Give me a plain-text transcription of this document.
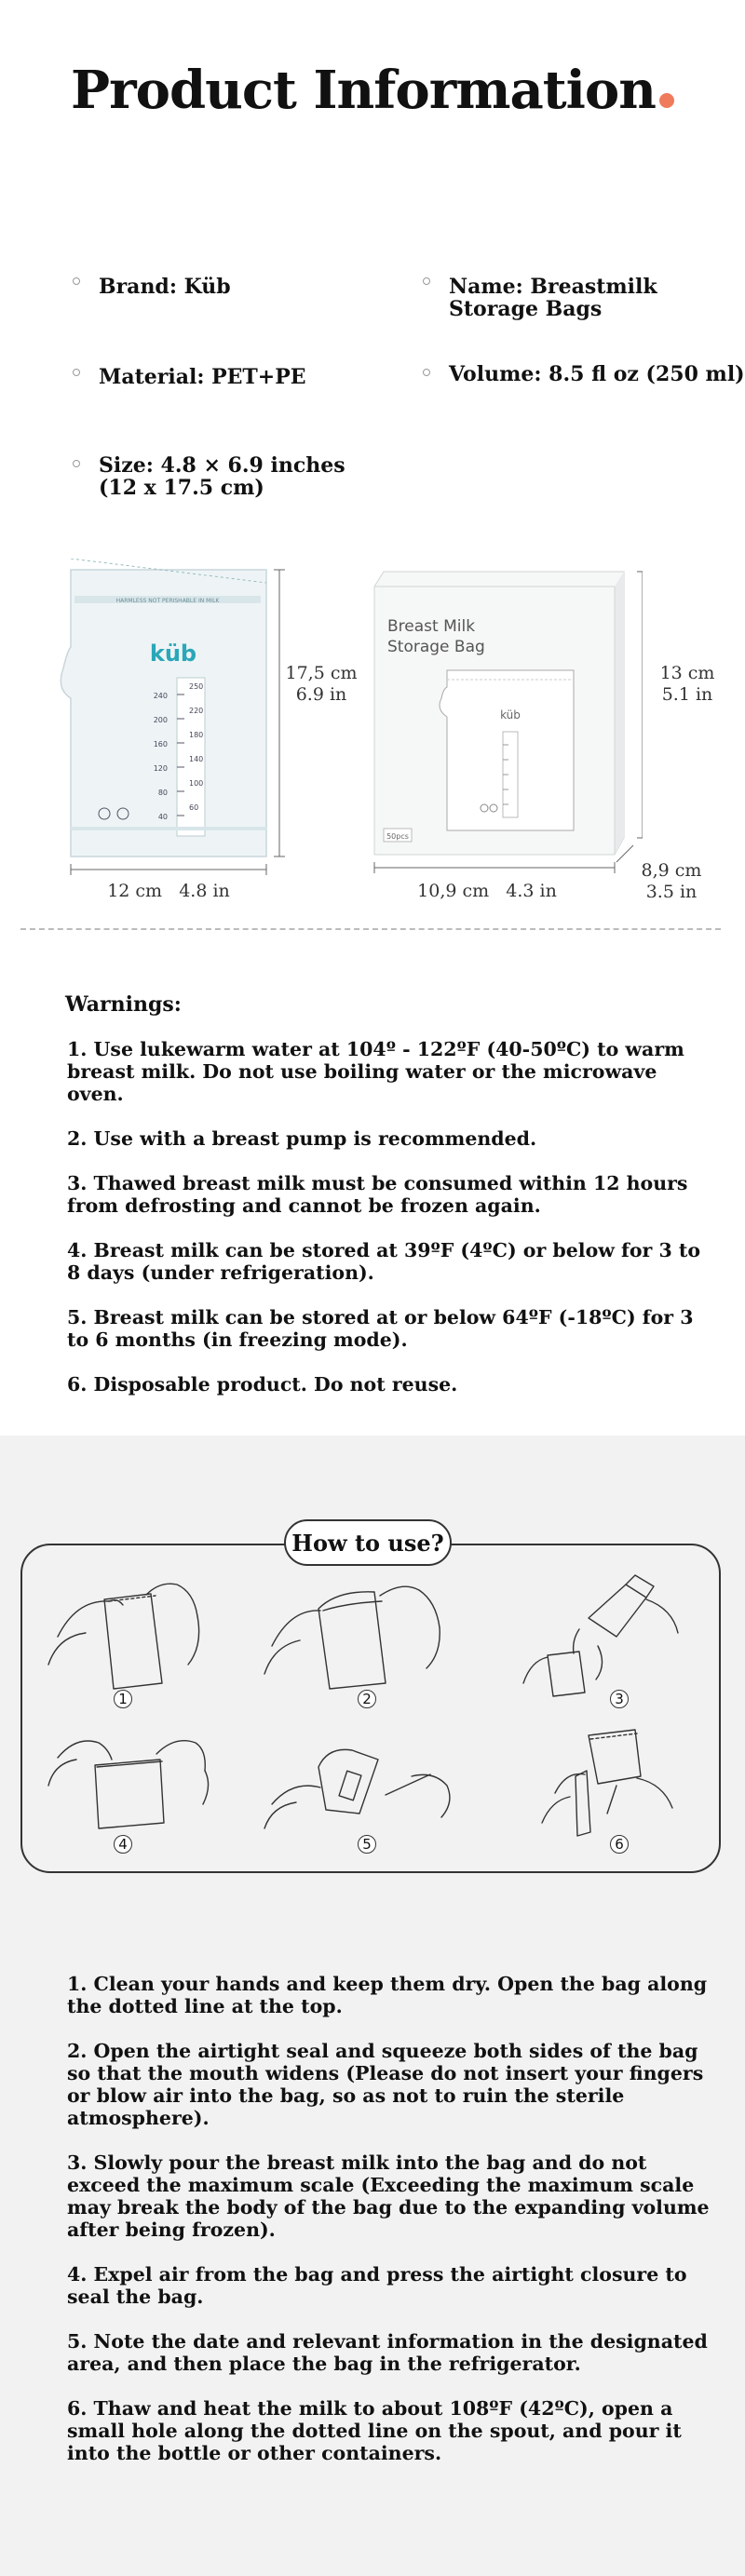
Product Information
Brand: Küb	Name: Breastmilk
Storage Bags
Material: PET+PE	Volume: 8.5 fl oz (250 ml)
Size: 4.8 × 6.9 inches
(12 x 17.5 cm)
HARMLESS NOT PERISHABLE IN MILK
küb
240
200
160
120
80
40
250
220
180
140
100
60
17,5 cm
6.9 in
12 cm 4.8 in
Breast Milk
Storage Bag
küb
50pcs
13 cm
5.1 in
8,9 cm
3.5 in
10,9 cm 4.3 in
Warnings:
1. Use lukewarm water at 104º - 122ºF (40-50ºC) to warm
breast milk. Do not use boiling water or the microwave
oven.
2. Use with a breast pump is recommended.
3. Thawed breast milk must be consumed within 12 hours
from defrosting and cannot be frozen again.
4. Breast milk can be stored at 39ºF (4ºC) or below for 3 to
8 days (under refrigeration).
5. Breast milk can be stored at or below 64ºF (-18ºC) for 3
to 6 months (in freezing mode).
6. Disposable product. Do not reuse.
How to use?
1	2	3
4	5	6
1. Clean your hands and keep them dry. Open the bag along
the dotted line at the top.
2. Open the airtight seal and squeeze both sides of the bag
so that the mouth widens (Please do not insert your fingers
or blow air into the bag, so as not to ruin the sterile
atmosphere).
3. Slowly pour the breast milk into the bag and do not
exceed the maximum scale (Exceeding the maximum scale
may break the body of the bag due to the expanding volume
after being frozen).
4. Expel air from the bag and press the airtight closure to
seal the bag.
5. Note the date and relevant information in the designated
area, and then place the bag in the refrigerator.
6. Thaw and heat the milk to about 108ºF (42ºC), open a
small hole along the dotted line on the spout, and pour it
into the bottle or other containers.
